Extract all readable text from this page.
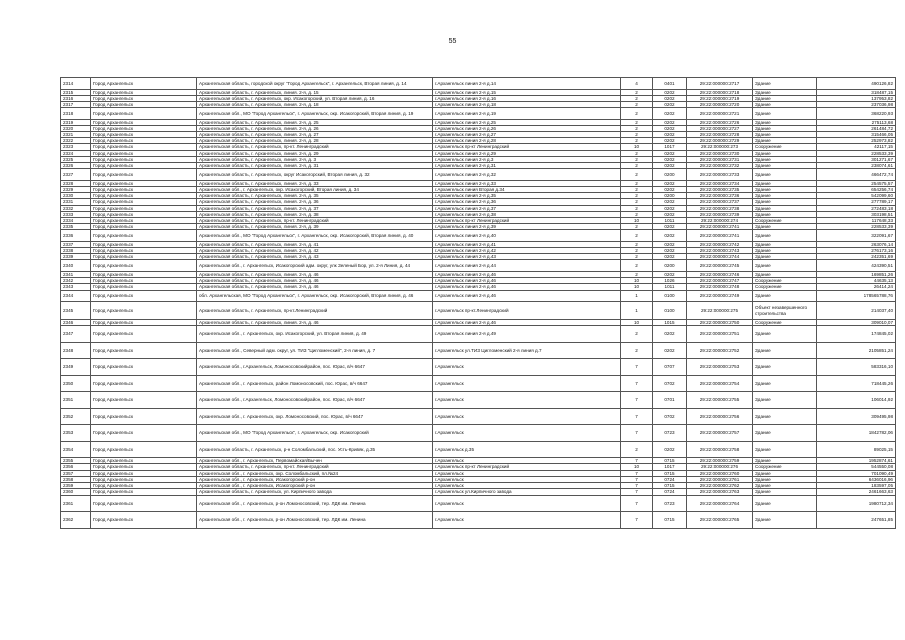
55
2314	Город Архангельск	Архангельская область, городской округ "Город Архангельск", г. Архангельск, Вторая линия, д. 14	г.Архангельск линия 2-я д.14	4	0401	29:22:000000:2717	Здание	490126,82
2315	Город Архангельск	Архангельская область, г. Архангельск, линия. 2-я, д. 15	г.Архангельск линия 2-я д.15	2	0202	29:22:000000:2718	Здание	318487,15
2316	Город Архангельск	Архангельская область, г. Архангельск, окр. Исакогорский, ул. Вторая линия, д. 16	г.Архангельск линия 2-я д.16	2	0202	29:22:000000:2719	Здание	137953,82
2317	Город Архангельск	Архангельская область, г. Архангельск, линия. 2-я, д. 18	г.Архангельск линия 2-я д.18	2	0202	29:22:000000:2720	Здание	237036,98
2318	Город Архангельск	Архангельская обл., МО "Город Архангельск", г. Архангельск, окр. Исакогорский, Вторая линия, д. 19	г.Архангельск линия 2-я д.19	2	0202	29:22:000000:2721	Здание	368220,93
2319	Город Архангельск	Архангельская область, г. Архангельск, линия. 2-я, д. 25	г.Архангельск линия 2-я д.25	2	0202	29:22:000000:2726	Здание	275113,68
2320	Город Архангельск	Архангельская область, г. Архангельск, линия. 2-я, д. 26	г.Архангельск линия 2-я д.26	2	0202	29:22:000000:2727	Здание	261484,72
2321	Город Архангельск	Архангельская область, г. Архангельск, линия. 2-я, д. 27	г.Архангельск линия 2-я д.27	2	0202	29:22:000000:2728	Здание	315466,05
2322	Город Архангельск	Архангельская область, г. Архангельск, линия. 2-я, д. 28	г.Архангельск линия 2-я д.28	2	0202	29:22:000000:2729	Здание	252973,82
2323	Город Архангельск	Архангельская область, г. Архангельск, пр-кт. Ленинградский	г.Архангельск пр-кт Ленинградский	10	1017	29:22:000000:273	Сооружение	42117,15
2324	Город Архангельск	Архангельская область, г. Архангельск, линия. 2-я, д. 29	г.Архангельск линия 2-я д.29	2	0202	29:22:000000:2730	Здание	228533,39
2325	Город Архангельск	Архангельская область, г. Архангельск, линия. 2-я, д. 3	г.Архангельск линия 2-я д.3	2	0202	29:22:000000:2731	Здание	301271,67
2326	Город Архангельск	Архангельская область, г. Архангельск, линия. 2-я, д. 31	г.Архангельск линия 2-я д.31	2	0202	29:22:000000:2732	Здание	238074,61
2327	Город Архангельск	Архангельская область, г. Архангельск, округ Исакогорский, Вторая линия, д. 32	г.Архангельск линия 2-я д.32	2	0200	29:22:000000:2733	Здание	466472,74
2328	Город Архангельск	Архангельская область, г. Архангельск, линия. 2-я, д. 33	г.Архангельск линия 2-я д.33	2	0202	29:22:000000:2734	Здание	254575,57
2329	Город Архангельск	Архангельская обл., г. Архангельск, окр. Исакогорский, Вторая линия, д. 34	г.Архангельск линия Вторая д.34	2	0202	29:22:000000:2735	Здание	654256,74
2330	Город Архангельск	Архангельская область, г. Архангельск, линия. 2-я, д. 35	г.Архангельск линия 2-я д.35	2	0200	29:22:000000:2736	Здание	542099,60
2331	Город Архангельск	Архангельская область, г. Архангельск, линия. 2-я, д. 36	г.Архангельск линия 2-я д.36	2	0202	29:22:000000:2737	Здание	277789,17
2332	Город Архангельск	Архангельская область, г. Архангельск, линия. 2-я, д. 37	г.Архангельск линия 2-я д.37	2	0202	29:22:000000:2738	Здание	272483,18
2333	Город Архангельск	Архангельская область, г. Архангельск, линия. 2-я, д. 38	г.Архангельск линия 2-я д.38	2	0202	29:22:000000:2739	Здание	303198,51
2334	Город Архангельск	Архангельская область, г. Архангельск, пр-кт. Ленинградский	г.Архангельск пр-кт Ленинградский	10	1011	29:22:000000:274	Сооружение	117648,33
2335	Город Архангельск	Архангельская область, г. Архангельск, линия. 2-я, д. 39	г.Архангельск линия 2-я д.39	2	0202	29:22:000000:2741	Здание	228533,39
2336	Город Архангельск	Архангельская обл., МО "Город Архангельск", г. Архангельск, окр. Исакогорский, Вторая линия, д. 40	г.Архангельск линия 2-я д.40	2	0202	29:22:000000:2741	Здание	322091,67
2337	Город Архангельск	Архангельская область, г. Архангельск, линия. 2-я, д. 41	г.Архангельск линия 2-я д.41	2	0202	29:22:000000:2742	Здание	263076,14
2338	Город Архангельск	Архангельская область, г. Архангельск, линия. 2-я, д. 42	г.Архангельск линия 2-я д.42	2	0202	29:22:000000:2743	Здание	276173,16
2339	Город Архангельск	Архангельская область, г. Архангельск, линия. 2-я, д. 43	г.Архангельск линия 2-я д.43	2	0202	29:22:000000:2744	Здание	242351,69
2340	Город Архангельск	Архангельская обл., г. Архангельск, Исакогорский адм. округ, улк Зеленый Бор, ул. 2-я Линия, д. 44	г.Архангельск линия 2-я д.44	2	0200	29:22:000000:2745	Здание	424390,51
2341	Город Архангельск	Архангельская область, г. Архангельск, линия. 2-я, д. 46	г.Архангельск линия 2-я д.46	2	0202	29:22:000000:2746	Здание	169851,26
2342	Город Архангельск	Архангельская область, г. Архангельск, линия. 2-я, д. 46	г.Архангельск линия 2-я д.46	10	1026	29:22:000000:2747	Сооружение	44635,13
2343	Город Архангельск	Архангельская область, г. Архангельск, линия. 2-я, д. 46	г.Архангельск линия 2-я д.46	10	1011	29:22:000000:2748	Сооружение	26414,24
2344	Город Архангельск	обл. Архангельская, МО "Город Архангельск", г. Архангельск, окр. Исакогорский, Вторая линия, д. 46	г.Архангельск линия 2-я д.46	1	0100	29:22:000000:2749	Здание	178565788,76
2345	Город Архангельск	Архангельская область, г. Архангельск, пр-кт.Ленинградский	г.Архангельск пр-кт.Ленинградский	1	0100	29:22:000000:275	Объект незавершенного строительства	214037,40
2346	Город Архангельск	Архангельская область, г. Архангельск, линия. 2-я, д. 46	г.Архангельск линия 2-я д.46	10	1015	29:22:000000:2750	Сооружение	309010,07
2347	Город Архангельск	Архангельская обл., г. Архангельск, окр. Исакогорский, ул. Вторая линия, д. 49	г.Архангельск линия 2-я д.49	2	0202	29:22:000000:2751	Здание	174845,02
2348	Город Архангельск	Архангельская обл., Северный адм. округ, ул. ТИЗ "Цигломенский", 2-я линия, д. 7	г.Архангельск ул.ТИЗ Цигломенский 2-я линия д.7	2	0202	29:22:000000:2752	Здание	2105851,24
2349	Город Архангельск	Архангельская обл., г.Архангельск, Ломоносовскийрайон, пос. Юрас, в/ч 6647	г.Архангельск	7	0707	29:22:000000:2753	Здание	583316,10
2350	Город Архангельск	Архангельская обл., г. Архангельск, район Ломоносовский, пос. Юрас, в/ч 6647	г.Архангельск	7	0702	29:22:000000:2754	Здание	718445,26
2351	Город Архангельск	Архангельская обл., г.Архангельск, Ломоносовскийрайон, пос. Юрас, в/ч 6647	г.Архангельск	7	0701	29:22:000000:2755	Здание	106014,92
2352	Город Архангельск	Архангельская обл., г. Архангельск, окр. Ломоносовский, пос. Юрас, в/ч 6647	г.Архангельск	7	0702	29:22:000000:2756	Здание	309495,98
2353	Город Архангельск	Архангельская обл., МО "Город Архангельск", г. Архангельск, окр. Исакогорский	г.Архангельск	7	0723	29:22:000000:2757	Здание	1842782,06
2354	Город Архангельск	Архангельская область, г. Архангельск, р-н Соломбальский, пос. Усть-Кривяк, д.35	г.Архангельск д.35	2	0202	29:22:000000:2758	Здание	89025,15
2355	Город Архангельск	Архангельская обл., г. Архангельск, Первомайская/Бычен	г.Архангельск	7	0715	29:22:000000:2759	Здание	1952874,61
2356	Город Архангельск	Архангельская область, г. Архангельск, пр-кт. Ленинградский	г.Архангельск пр-кт Ленинградский	10	1017	29:22:000000:276	Сооружение	544550,08
2357	Город Архангельск	Архангельская обл., г. Архангельск, окр. Соломбальский, пл.№24	г.Архангельск	7	0715	29:22:000000:2760	Здание	701090,49
2358	Город Архангельск	Архангельская обл., г. Архангельск, Исакогорский р-он	г.Архангельск	7	0724	29:22:000000:2761	Здание	6436016,96
2359	Город Архангельск	Архангельская обл., г. Архангельск, Исакогорский р-он	г.Архангельск	7	0715	29:22:000000:2762	Здание	183597,05
2360	Город Архангельск	Архангельская область, г. Архангельск, ул. Кирпичного завода	г.Архангельск ул.Кирпичного завода	7	0724	29:22:000000:2763	Здание	2461663,63
2361	Город Архангельск	Архангельская обл., г. Архангельск, р-он Ломоносовский, тер. ЛДК им. Ленина	г.Архангельск	7	0723	29:22:000000:2764	Здание	1980712,34
2362	Город Архангельск	Архангельская обл., г. Архангельск, р-он Ломоносовский, тер. ЛДК им. Ленина	г.Архангельск	7	0715	29:22:000000:2765	Здание	247651,85
